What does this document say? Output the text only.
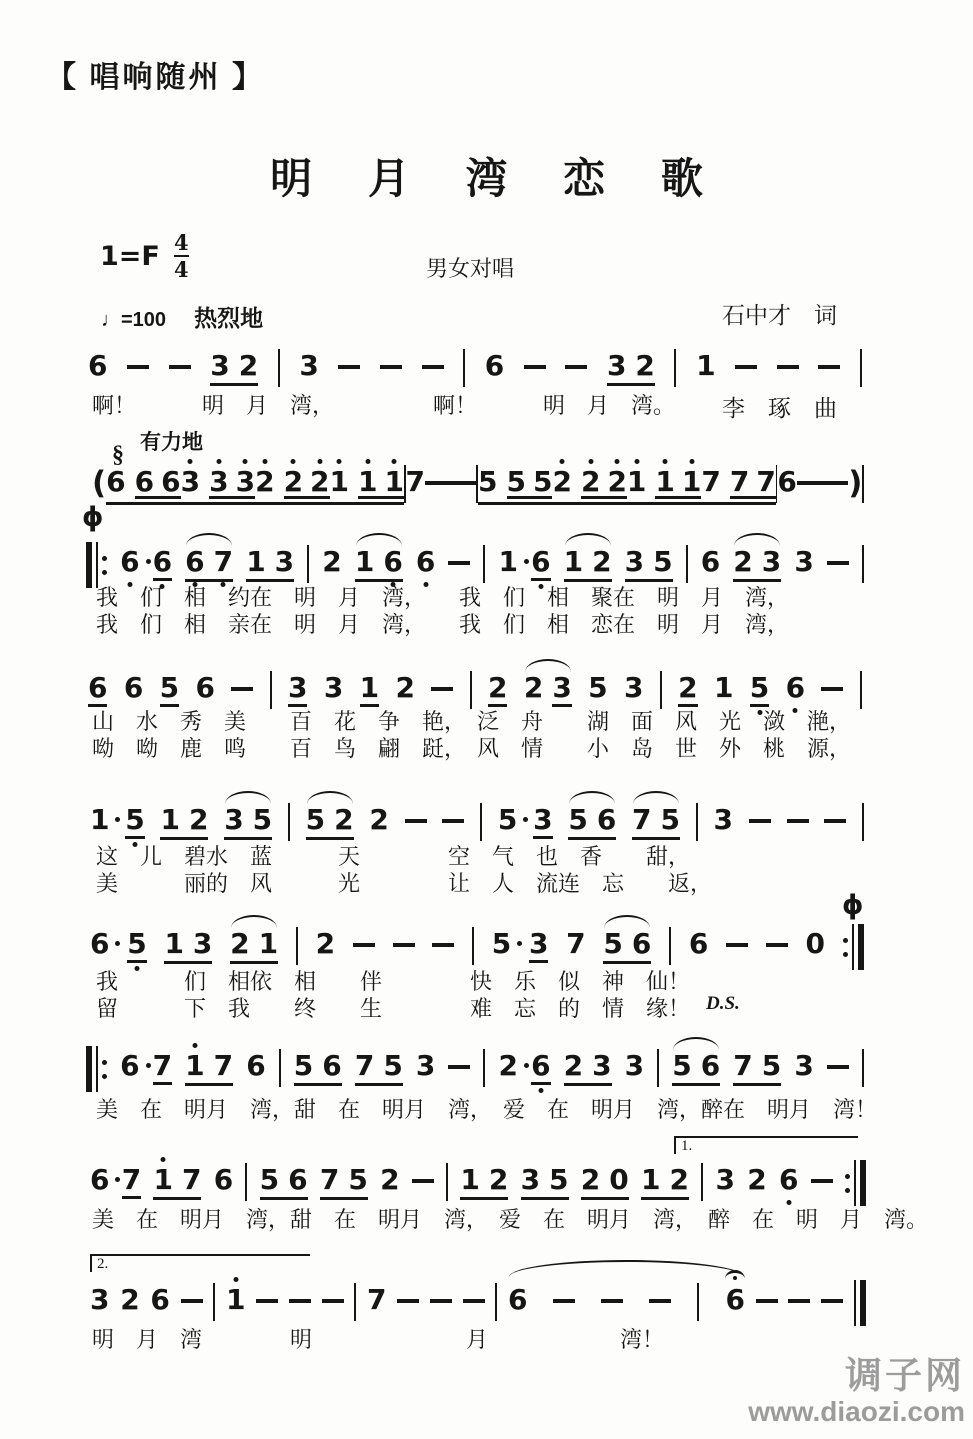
【 唱响随州 】
明 月 湾 恋 歌
$1=F \frac{4}{4}$	男女对唱

石中才　词

李　琢　曲

♩=100 热烈地
§ 有力地
ϕ
ϕ
D.S.
1.
2.
6	3 2 3	6	3 2 1
( 6 6 6 3 3 3 2 2 2 1 1 1 7 5 5 5 2 2 2 1 1 1 7 7 7 6 )
6 6 6 7 1 3 2 1 6 6 1 6 1 2 3 5 6 2 3 3
6 6 5 6	3 3 1 2	2 2 3 5 3 2 1 5 6
1 5 1 2 3 5 5 2 2	5 3 5 6 7 5 3
6 5 1 3 2 1 2	5 3 7 5 6 6	0
6 7 1 7 6 5 6 7 5 3 2 6 2 3 3 5 6 7 5 3
6 7 1 7 6 5 6 7 5 2 1 2 3 5 2 0 1 2 3 2 6
3 2 6 1	7	6	6
啊！　　　明　月　湾，　　　　　啊！　　　明　月　湾。
我　们　相　约在　明　月　湾，　　我　们　相　聚在　明　月　湾，
我　们　相　亲在　明　月　湾，　　我　们　相　恋在　明　月　湾，
山　水　秀　美　　百　花　争　艳，　泛　舟　　湖　面　风　光　潋　滟，
呦　呦　鹿　鸣　　百　鸟　翩　跹，　风　情　　小　岛　世　外　桃　源，
这　儿　碧水　蓝　　　天　　　　空　气　也　香　　甜，
美　　　丽的　风　　　光　　　　让　人　流连　忘　　返，
我　　　们　相依　相　　伴　　　　快　乐　似　神　仙！
留　　　下　我　　终　　生　　　　难　忘　的　情　缘！
美　在　明月　湾，甜　在　明月　湾，　爱　在　明月　湾，醉在　明月　湾！
美　在　明月　湾，甜　在　明月　湾，　爱　在　明月　湾，　醉　在　明　月　湾。
明　月　湾　　　　明　　　　　　　月　　　　　　湾！
调子网
www.diaozi.com
